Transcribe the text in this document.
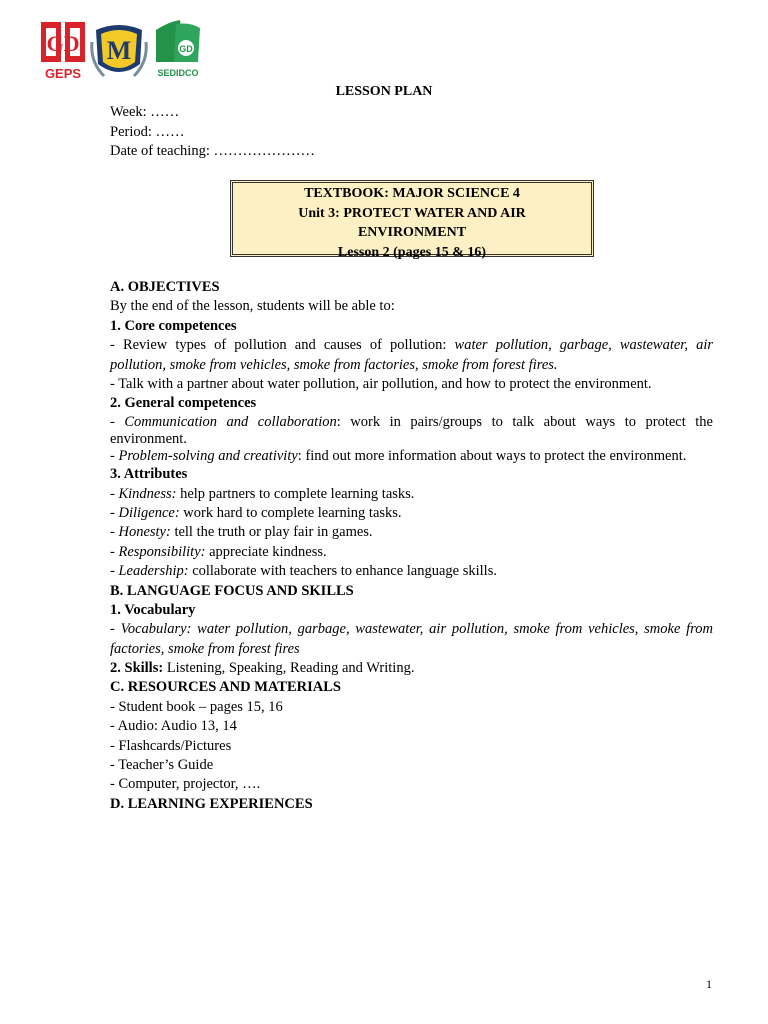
GD
GEPS
M	GD
SEDIDCO
LESSON PLAN
Week: ……
Period: ……
Date of teaching: …………………
TEXTBOOK: MAJOR SCIENCE 4
Unit 3: PROTECT WATER AND AIR
ENVIRONMENT
Lesson 2 (pages 15 & 16)
A. OBJECTIVES
By the end of the lesson, students will be able to:
1. Core competences
- Review types of pollution and causes of pollution: water pollution, garbage, wastewater, air pollution, smoke from vehicles, smoke from factories, smoke from forest fires.
- Talk with a partner about water pollution, air pollution, and how to protect the environment.
2. General competences
- Communication and collaboration: work in pairs/groups to talk about ways to protect the environment.
- Problem-solving and creativity: find out more information about ways to protect the environment.
3. Attributes
- Kindness: help partners to complete learning tasks.
- Diligence: work hard to complete learning tasks.
- Honesty: tell the truth or play fair in games.
- Responsibility: appreciate kindness.
- Leadership: collaborate with teachers to enhance language skills.
B. LANGUAGE FOCUS AND SKILLS
1. Vocabulary
- Vocabulary: water pollution, garbage, wastewater, air pollution, smoke from vehicles, smoke from factories, smoke from forest fires
2. Skills: Listening, Speaking, Reading and Writing.
C. RESOURCES AND MATERIALS
- Student book – pages 15, 16
- Audio: Audio 13, 14
- Flashcards/Pictures
- Teacher’s Guide
- Computer, projector, ….
D. LEARNING EXPERIENCES
1
